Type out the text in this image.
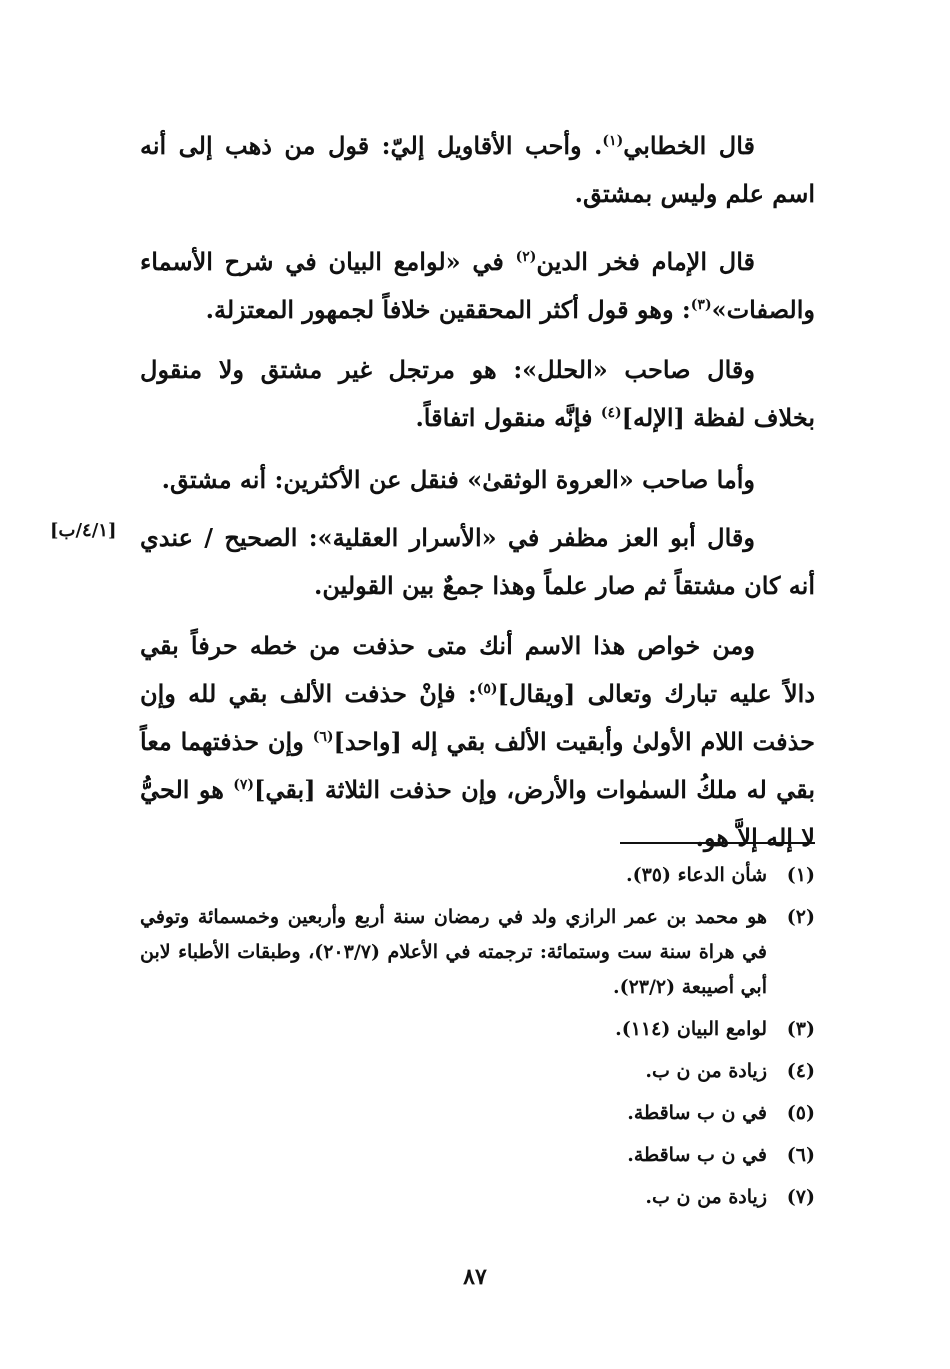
قال الخطابي$^{(١)}$. وأحب الأقاويل إليّ: قول من ذهب إلى أنه اسم علم وليس بمشتق.

قال الإمام فخر الدين$^{(٢)}$ في «لوامع البيان في شرح الأسماء والصفات»$^{(٣)}$: وهو قول أكثر المحققين خلافاً لجمهور المعتزلة.

وقال صاحب «الحلل»: هو مرتجل غير مشتق ولا منقول بخلاف لفظة [الإله]$^{(٤)}$ فإنَّه منقول اتفاقاً.

وأما صاحب «العروة الوثقىٰ» فنقل عن الأكثرين: أنه مشتق.

وقال أبو العز مظفر في «الأسرار العقلية»: الصحيح / عندي أنه كان مشتقاً ثم صار علماً وهذا جمعٌ بين القولين.

[٤/١/ب]

ومن خواص هذا الاسم أنك متى حذفت من خطه حرفاً بقي دالاً عليه تبارك وتعالى [ويقال]$^{(٥)}$: فإنْ حذفت الألف بقي لله وإن حذفت اللام الأولىٰ وأبقيت الألف بقي إله [واحد]$^{(٦)}$ وإن حذفتهما معاً بقي له ملكُ السمٰوات والأرض، وإن حذفت الثلاثة [بقي]$^{(٧)}$ هو الحيُّ لا إله إلاَّ هو.

(١)
شأن الدعاء (٣٥).
(٢)
هو محمد بن عمر الرازي ولد في رمضان سنة أربع وأربعين وخمسمائة وتوفي في هراة سنة ست وستمائة: ترجمته في الأعلام (٢٠٣/٧)، وطبقات الأطباء لابن أبي أصيبعة (٢٣/٢).
(٣)
لوامع البيان (١١٤).
(٤)
زيادة من ن ب.
(٥)
في ن ب ساقطة.
(٦)
في ن ب ساقطة.
(٧)
زيادة من ن ب.
٨٧
